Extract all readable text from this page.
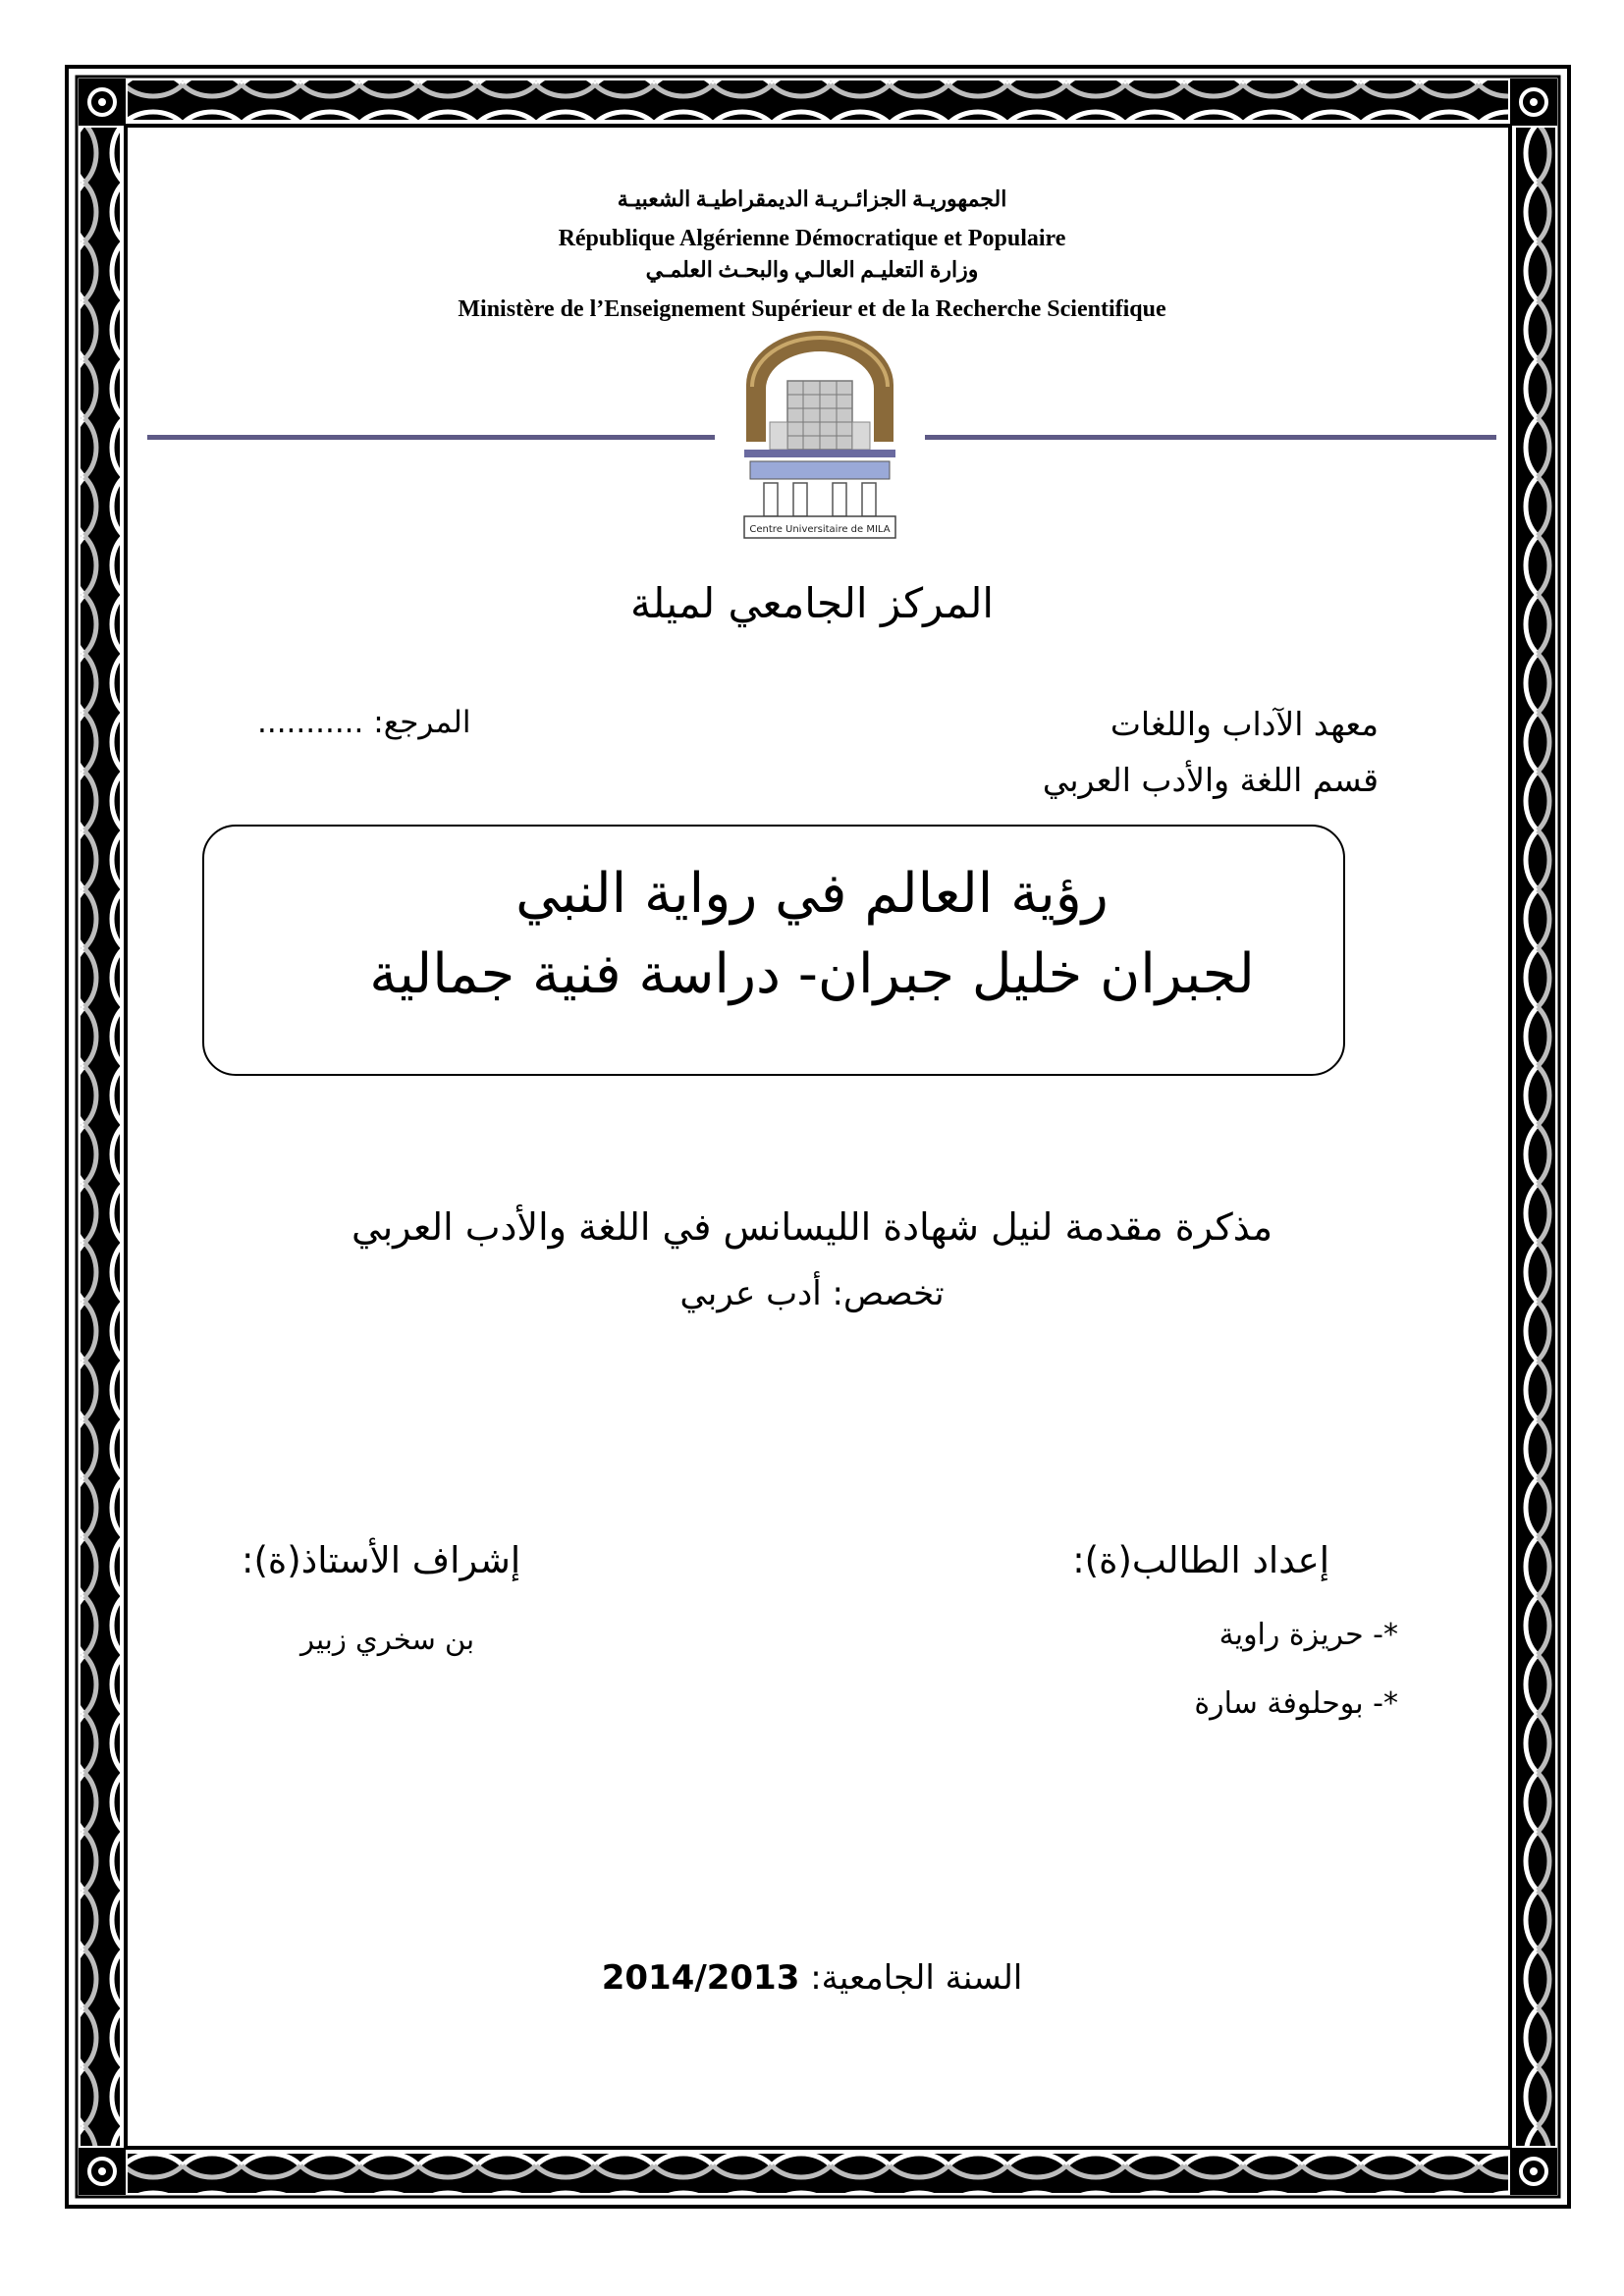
الجمهوريـة الجزائـريـة الديمقراطيـة الشعبيـة
République Algérienne Démocratique et Populaire
وزارة التعليـم العالـي والبحـث العلمـي
Ministère de l’Enseignement Supérieur et de la Recherche Scientifique
Centre Universitaire de MILA
المركز الجامعي لميلة
معهد الآداب واللغات
قسم اللغة والأدب العربي
المرجع: ...........
رؤية العالم في رواية النبي
لجبران خليل جبران- دراسة فنية جمالية
مذكرة مقدمة لنيل شهادة الليسانس في اللغة والأدب العربي
تخصص: أدب عربي
إعداد الطالب(ة):
إشراف الأستاذ(ة):
*- حريزة راوية
*- بوحلوفة سارة
بن سخري زبير
السنة الجامعية: 2014/2013
